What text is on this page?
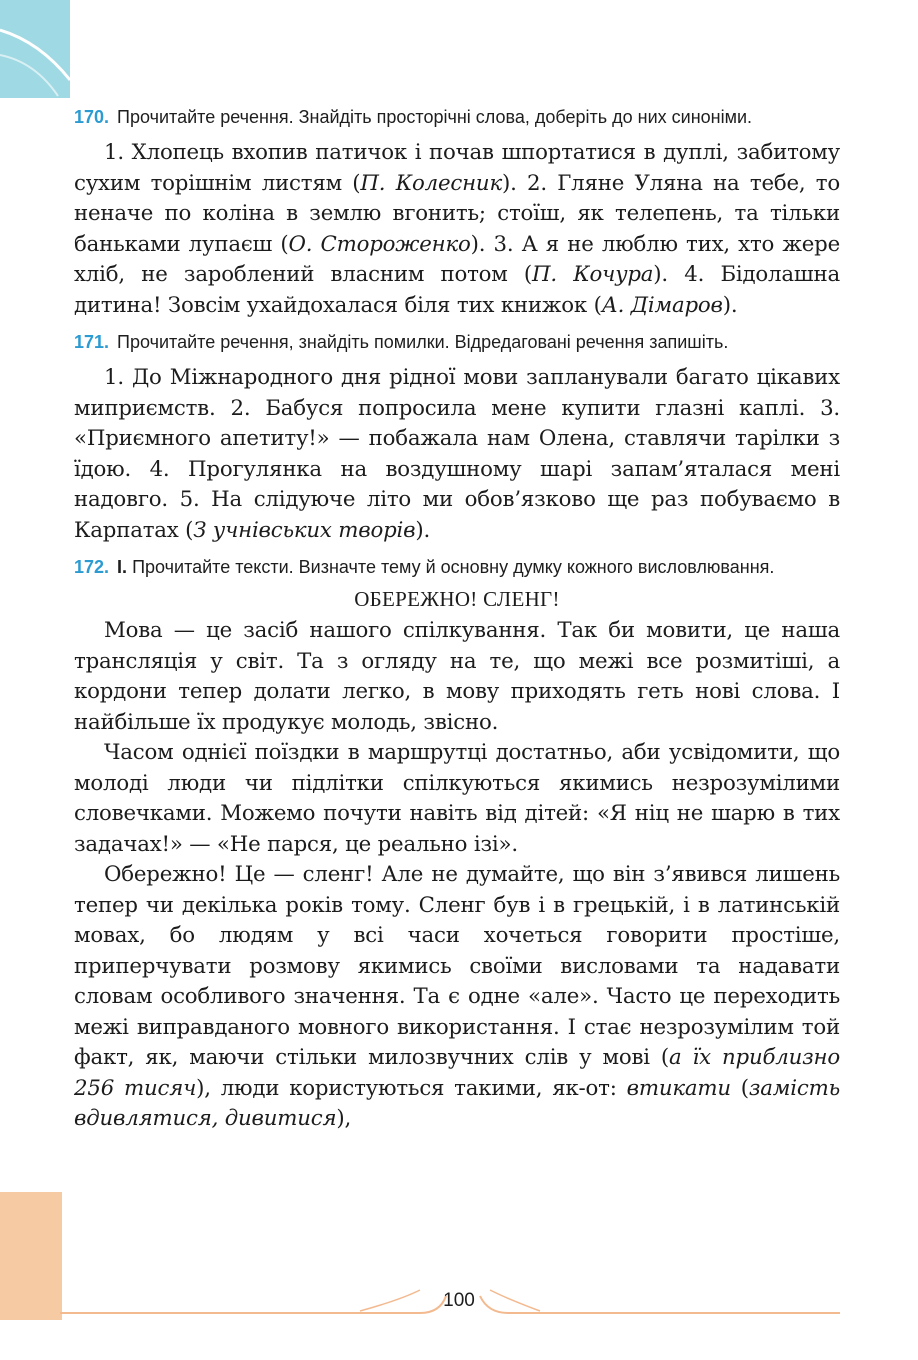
170. Прочитайте речення. Знайдіть просторічні слова, доберіть до них синоніми.

1. Хлопець вхопив патичок і почав шпортатися в дуплі, забитому сухим торішнім листям (П. Колесник). 2. Гляне Уляна на тебе, то неначе по коліна в землю вгонить; стоїш, як телепень, та тільки баньками лупаєш (О. Стороженко). 3. А я не люблю тих, хто жере хліб, не зароблений власним потом (П. Кочура). 4. Бідолашна дитина! Зовсім ухайдохалася біля тих книжок (А. Дімаров).

171. Прочитайте речення, знайдіть помилки. Відредаговані речення запишіть.

1. До Міжнародного дня рідної мови запланували багато цікавих миприємств. 2. Бабуся попросила мене купити глазні каплі. 3. «Приємного апетиту!» — побажала нам Олена, ставлячи тарілки з їдою. 4. Прогулянка на воздушному шарі запам’яталася мені надовго. 5. На слідуюче літо ми обов’язково ще раз побуваємо в Карпатах (З учнівських творів).

172. І. Прочитайте тексти. Визначте тему й основну думку кожного висловлювання.
ОБЕРЕЖНО! СЛЕНГ!

Мова — це засіб нашого спілкування. Так би мовити, це наша трансляція у світ. Та з огляду на те, що межі все розмитіші, а кордони тепер долати легко, в мову приходять геть нові слова. І найбільше їх продукує молодь, звісно.

Часом однієї поїздки в маршрутці достатньо, аби усвідомити, що молоді люди чи підлітки спілкуються якимись незрозумілими словечками. Можемо почути навіть від дітей: «Я ніц не шарю в тих задачах!» — «Не парся, це реально ізі».

Обережно! Це — сленг! Але не думайте, що він з’явився лишень тепер чи декілька років тому. Сленг був і в грецькій, і в латинській мовах, бо людям у всі часи хочеться говорити простіше, приперчувати розмову якимись своїми висловами та надавати словам особливого значення. Та є одне «але». Часто це переходить межі виправданого мовного використання. І стає незрозумілим той факт, як, маючи стільки милозвучних слів у мові (а їх приблизно 256 тисяч), люди користуються такими, як-от: втикати (замість вдивлятися, дивитися),

100
